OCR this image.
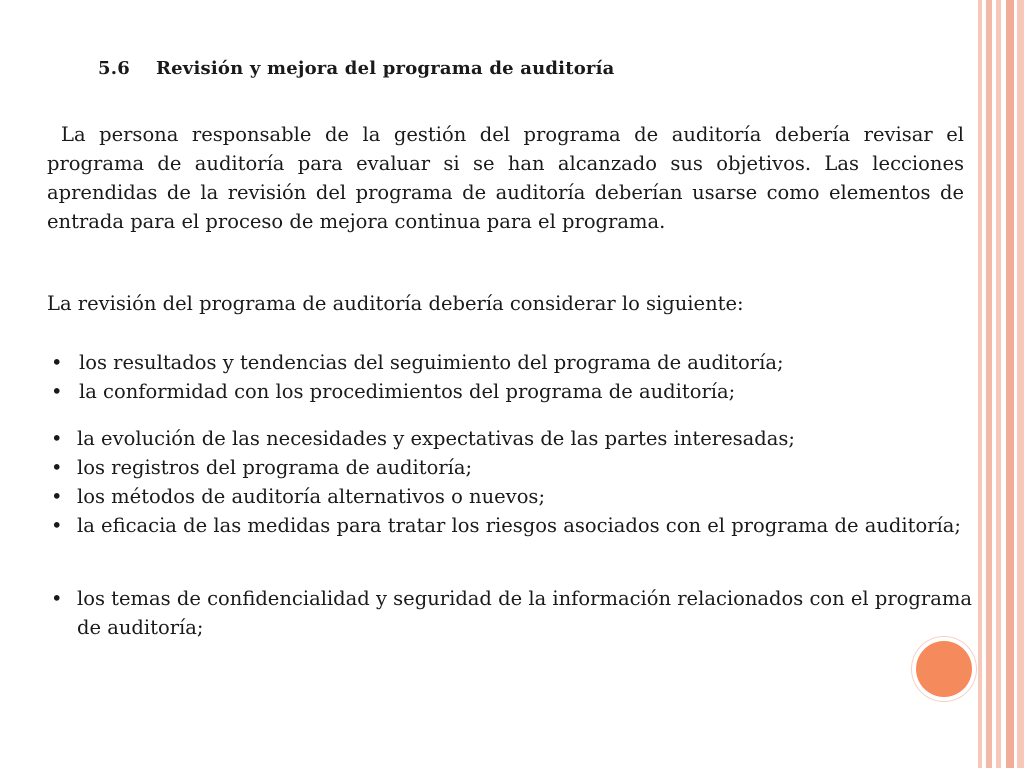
5.6 Revisión y mejora del programa de auditoría

La persona responsable de la gestión del programa de auditoría debería revisar el programa de auditoría para evaluar si se han alcanzado sus objetivos. Las lecciones aprendidas de la revisión del programa de auditoría deberían usarse como elementos de entrada para el proceso de mejora continua para el programa.

La revisión del programa de auditoría debería considerar lo siguiente:
• los resultados y tendencias del seguimiento del programa de auditoría;
• la conformidad con los procedimientos del programa de auditoría;
• la evolución de las necesidades y expectativas de las partes interesadas;
• los registros del programa de auditoría;
• los métodos de auditoría alternativos o nuevos;
• la eficacia de las medidas para tratar los riesgos asociados con el programa de auditoría;
• los temas de confidencialidad y seguridad de la información relacionados con el programa de auditoría;
